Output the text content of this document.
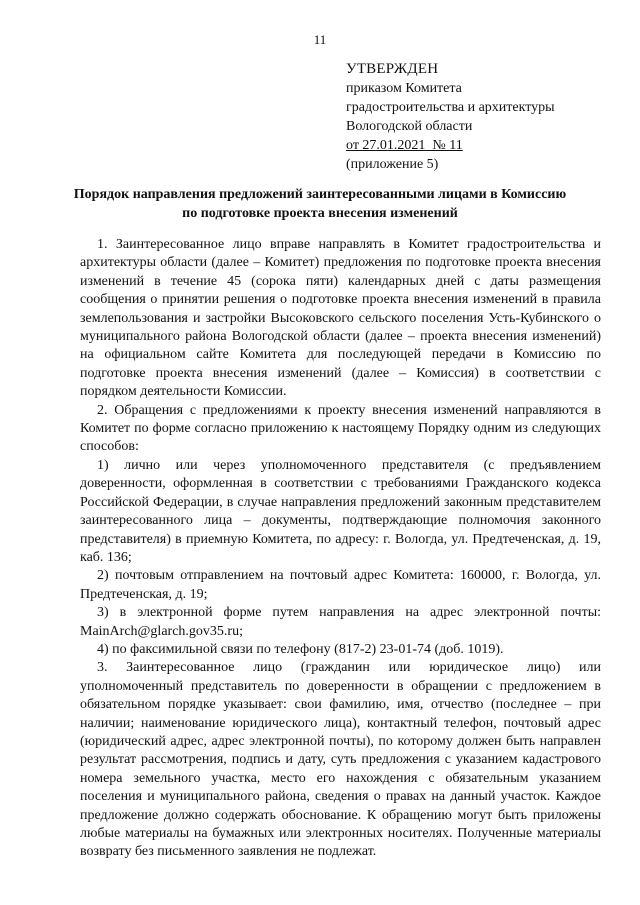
11
УТВЕРЖДЕН
приказом Комитета
градостроительства и архитектуры
Вологодской области
от 27.01.2021  № 11
(приложение 5)
Порядок направления предложений заинтересованными лицами в Комиссию
по подготовке проекта внесения изменений

1. Заинтересованное лицо вправе направлять в Комитет градостроительства и архитектуры области (далее – Комитет) предложения по подготовке проекта внесения изменений в течение 45 (сорока пяти) календарных дней с даты размещения сообщения о принятии решения о подготовке проекта внесения изменений в правила землепользования и застройки Высоковского сельского поселения Усть-Кубинского о муниципального района Вологодской области (далее – проекта внесения изменений) на официальном сайте Комитета для последующей передачи в Комиссию по подготовке проекта внесения изменений (далее – Комиссия) в соответствии с порядком деятельности Комиссии.

2. Обращения с предложениями к проекту внесения изменений направляются в Комитет по форме согласно приложению к настоящему Порядку одним из следующих способов:

1) лично или через уполномоченного представителя (с предъявлением доверенности, оформленная в соответствии с требованиями Гражданского кодекса Российской Федерации, в случае направления предложений законным представителем заинтересованного лица – документы, подтверждающие полномочия законного представителя) в приемную Комитета, по адресу: г. Вологда, ул. Предтеченская, д. 19, каб. 136;

2) почтовым отправлением на почтовый адрес Комитета: 160000, г. Вологда, ул. Предтеченская, д. 19;

3) в электронной форме путем направления на адрес электронной почты: MainArch@glarch.gov35.ru;

4) по факсимильной связи по телефону (817-2) 23-01-74 (доб. 1019).

3. Заинтересованное лицо (гражданин или юридическое лицо) или уполномоченный представитель по доверенности в обращении с предложением в обязательном порядке указывает: свои фамилию, имя, отчество (последнее – при наличии; наименование юридического лица), контактный телефон, почтовый адрес (юридический адрес, адрес электронной почты), по которому должен быть направлен результат рассмотрения, подпись и дату, суть предложения с указанием кадастрового номера земельного участка, место его нахождения с обязательным указанием поселения и муниципального района, сведения о правах на данный участок. Каждое предложение должно содержать обоснование. К обращению могут быть приложены любые материалы на бумажных или электронных носителях. Полученные материалы возврату без письменного заявления не подлежат.
